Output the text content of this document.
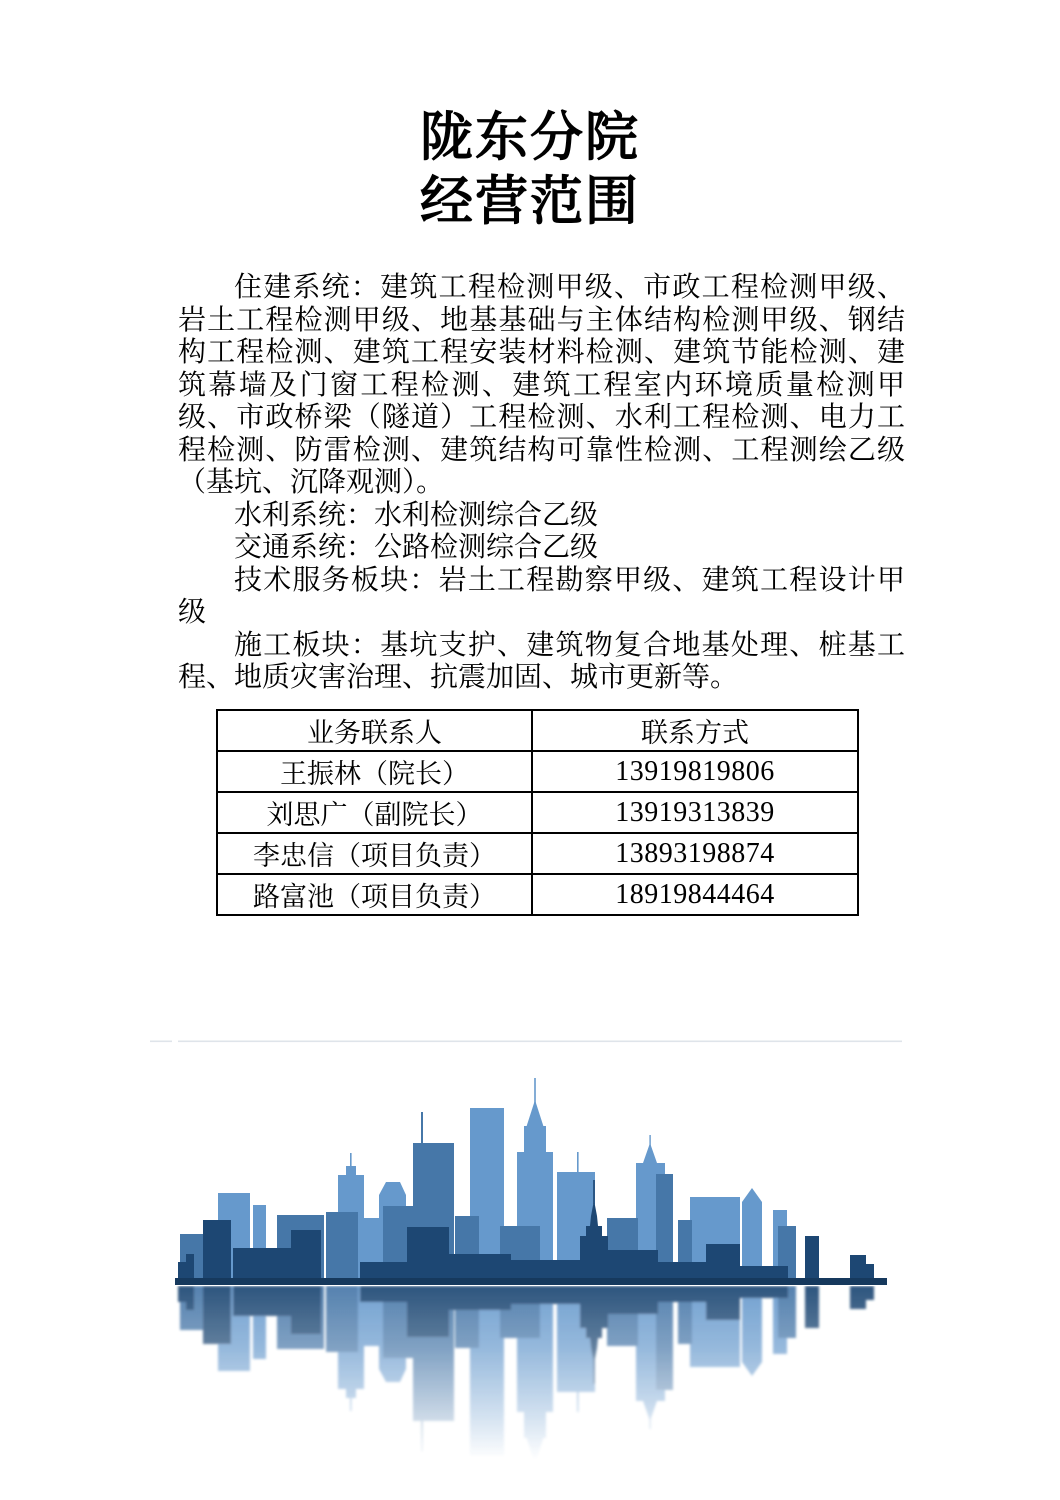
陇东分院
经营范围

住建系统：建筑工程检测甲级、市政工程检测甲级、岩土工程检测甲级、地基基础与主体结构检测甲级、钢结构工程检测、建筑工程安装材料检测、建筑节能检测、建筑幕墙及门窗工程检测、建筑工程室内环境质量检测甲级、市政桥梁（隧道）工程检测、水利工程检测、电力工程检测、防雷检测、建筑结构可靠性检测、工程测绘乙级（基坑、沉降观测）。

水利系统：水利检测综合乙级

交通系统：公路检测综合乙级

技术服务板块：岩土工程勘察甲级、建筑工程设计甲级

施工板块：基坑支护、建筑物复合地基处理、桩基工程、地质灾害治理、抗震加固、城市更新等。

业务联系人	联系方式
王振林（院长）	13919819806
刘思广（副院长）	13919313839
李忠信（项目负责）	13893198874
路富池（项目负责）	18919844464
